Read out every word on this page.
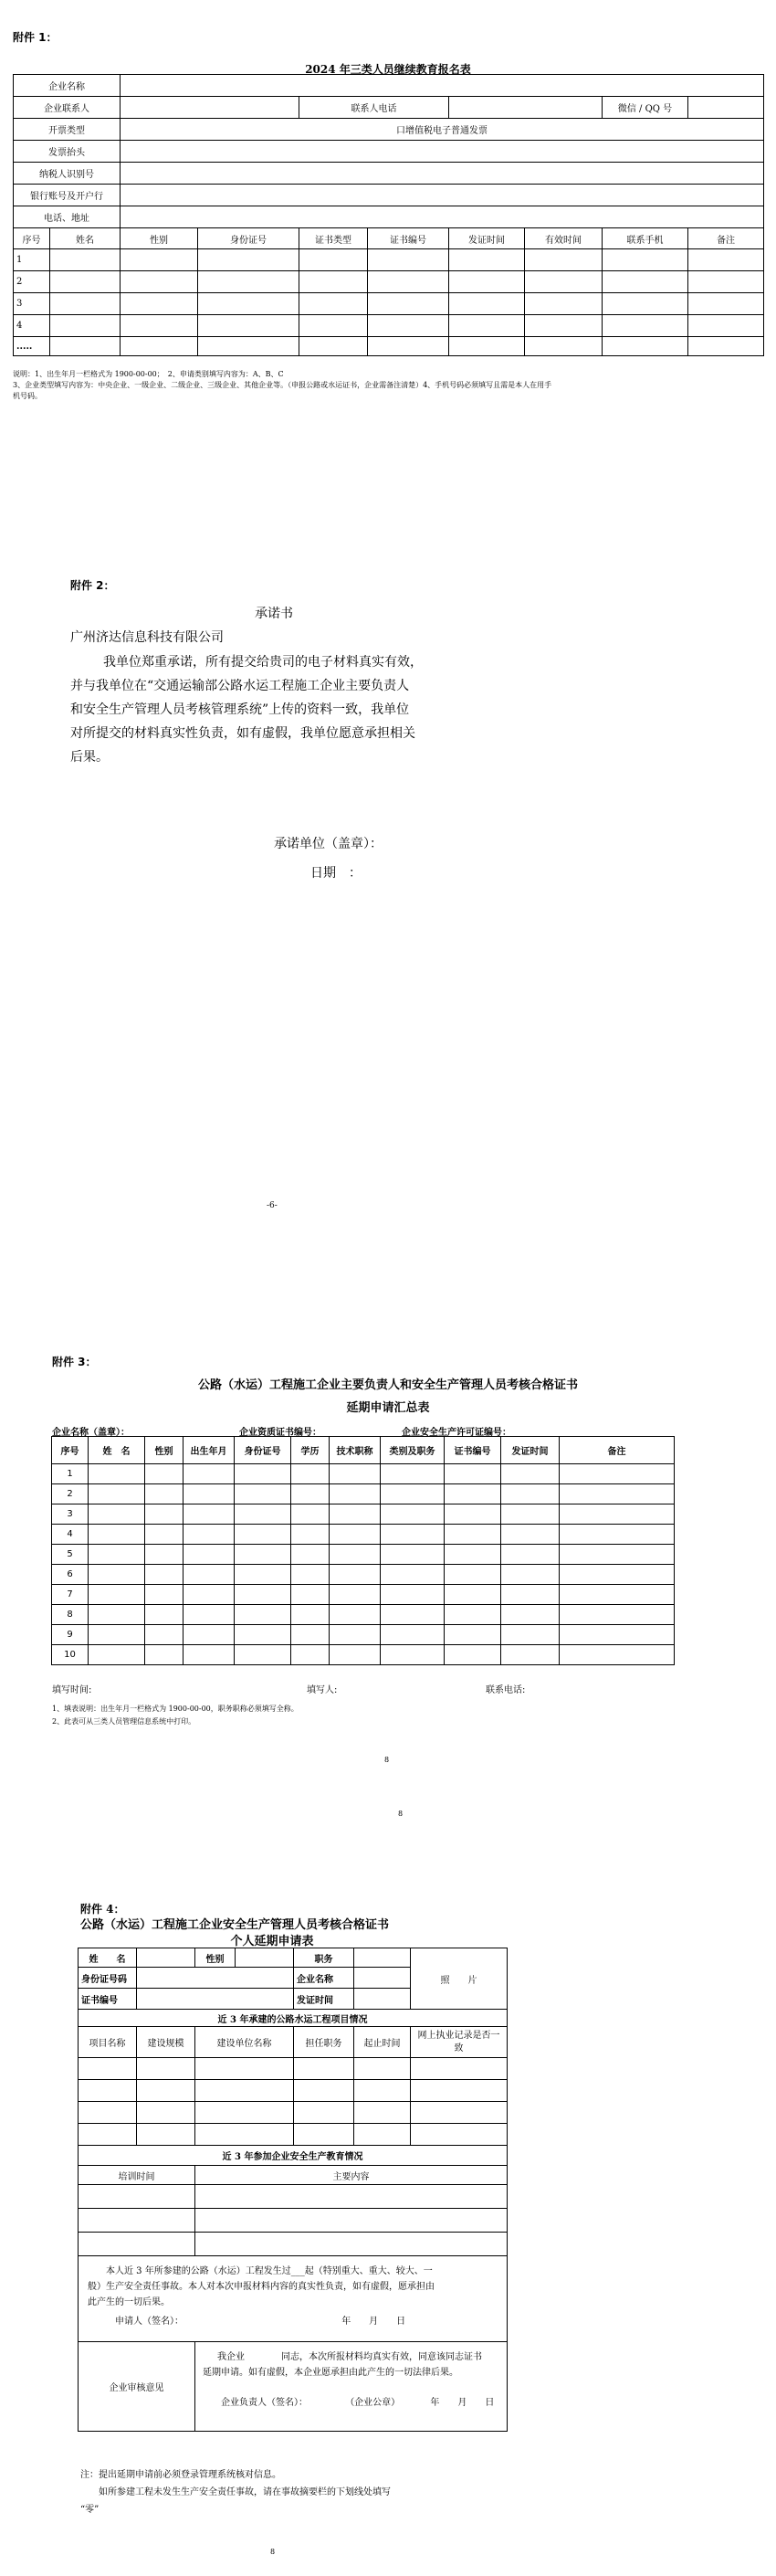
附件 1：
2024 年三类人员继续教育报名表
企业名称									
企业联系人				联系人电话				微信 / QQ 号	
开票类型		口增值税电子普通发票							
发票抬头									
纳税人识别号									
银行账号及开户行									
电话、地址									
序号	姓名	性别	身份证号	证书类型	证书编号	发证时间	有效时间	联系手机	备注
1									
2									
3									
4									
.....									
说明：1、出生年月一栏格式为 1900-00-00；　2、申请类别填写内容为：A、B、C
3、企业类型填写内容为：中央企业、一级企业、二级企业、三级企业、其他企业等。（申报公路或水运证书，企业需备注清楚）4、手机号码必须填写且需是本人在用手
机号码。
附件 2：
承诺书
广州济达信息科技有限公司
我单位郑重承诺，所有提交给贵司的电子材料真实有效，
并与我单位在“交通运输部公路水运工程施工企业主要负责人
和安全生产管理人员考核管理系统”上传的资料一致，我单位
对所提交的材料真实性负责，如有虚假，我单位愿意承担相关
后果。
承诺单位（盖章）：
日期　：
-6-
附件 3：
公路（水运）工程施工企业主要负责人和安全生产管理人员考核合格证书
延期申请汇总表
企业名称（盖章）：	企业资质证书编号：	企业安全生产许可证编号：
序号	姓　名	性别	出生年月	身份证号	学历	技术职称	类别及职务	证书编号	发证时间	备注
1										
2										
3										
4										
5										
6										
7										
8										
9										
10										
填写时间:	填写人:	联系电话:
1、填表说明：出生年月一栏格式为 1900-00-00，职务职称必须填写全称。
2、此表可从三类人员管理信息系统中打印。
8
8
附件 4：
公路（水运）工程施工企业安全生产管理人员考核合格证书
个人延期申请表
姓　　名		性别		职务		照　　片
身份证号码				企业名称		
证书编号				发证时间		
近 3 年承建的公路水运工程项目情况						
项目名称	建设规模	建设单位名称		担任职务	起止时间	网上执业记录是否一致

近 3 年参加企业安全生产教育情况						
培训时间		主要内容				

本人近 3 年所参建的公路（水运）工程发生过___起（特别重大、重大、较大、一
般）生产安全责任事故。本人对本次申报材料内容的真实性负责，如有虚假，愿承担由
此产生的一切后果。
申请人（签名）： 年　　月　　日						

企业审核意见		我企业　　　　同志，本次所报材料均真实有效，同意该同志证书
延期申请。如有虚假，本企业愿承担由此产生的一切法律后果。
企业负责人（签名）： （企业公章） 年　　月　　日				
注：提出延期申请前必须登录管理系统核对信息。
　　如所参建工程未发生生产安全责任事故，请在事故摘要栏的下划线处填写
“零”
8
